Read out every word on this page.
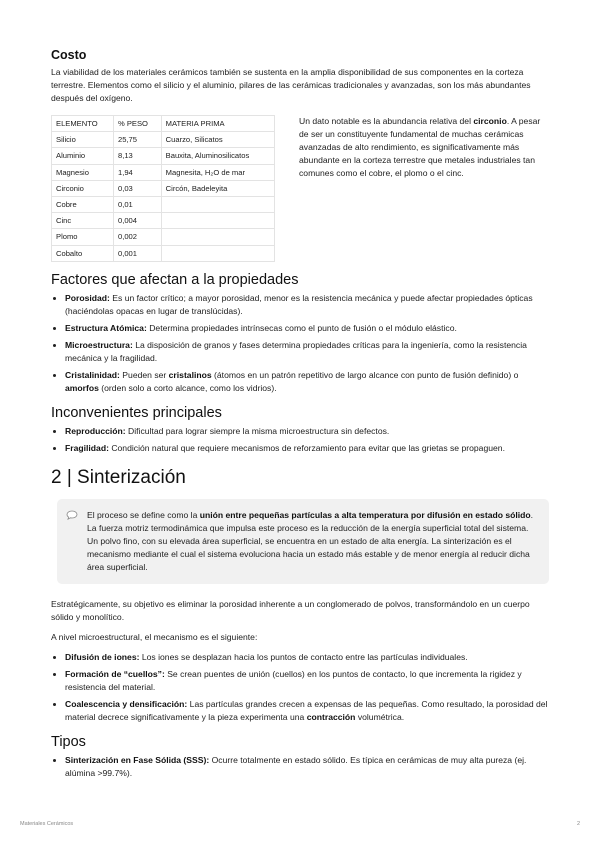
Costo

La viabilidad de los materiales cerámicos también se sustenta en la amplia disponibilidad de sus componentes en la corteza terrestre. Elementos como el silicio y el aluminio, pilares de las cerámicas tradicionales y avanzadas, son los más abundantes después del oxígeno.

ELEMENTO	% PESO	MATERIA PRIMA
Silicio	25,75	Cuarzo, Silicatos
Aluminio	8,13	Bauxita, Aluminosilicatos
Magnesio	1,94	Magnesita, H₂O de mar
Circonio	0,03	Circón, Badeleyita
Cobre	0,01	
Cinc	0,004	
Plomo	0,002	
Cobalto	0,001	
Un dato notable es la abundancia relativa del circonio. A pesar de ser un constituyente fundamental de muchas cerámicas avanzadas de alto rendimiento, es significativamente más abundante en la corteza terrestre que metales industriales tan comunes como el cobre, el plomo o el cinc.
Factores que afectan a la propiedades
• Porosidad: Es un factor crítico; a mayor porosidad, menor es la resistencia mecánica y puede afectar propiedades ópticas (haciéndolas opacas en lugar de translúcidas).
• Estructura Atómica: Determina propiedades intrínsecas como el punto de fusión o el módulo elástico.
• Microestructura: La disposición de granos y fases determina propiedades críticas para la ingeniería, como la resistencia mecánica y la fragilidad.
• Cristalinidad: Pueden ser cristalinos (átomos en un patrón repetitivo de largo alcance con punto de fusión definido) o amorfos (orden solo a corto alcance, como los vidrios).
Inconvenientes principales
• Reproducción: Dificultad para lograr siempre la misma microestructura sin defectos.
• Fragilidad: Condición natural que requiere mecanismos de reforzamiento para evitar que las grietas se propaguen.
2 | Sinterización

El proceso se define como la unión entre pequeñas partículas a alta temperatura por difusión en estado sólido. La fuerza motriz termodinámica que impulsa este proceso es la reducción de la energía superficial total del sistema. Un polvo fino, con su elevada área superficial, se encuentra en un estado de alta energía. La sinterización es el mecanismo mediante el cual el sistema evoluciona hacia un estado más estable y de menor energía al reducir dicha área superficial.

Estratégicamente, su objetivo es eliminar la porosidad inherente a un conglomerado de polvos, transformándolo en un cuerpo sólido y monolítico.

A nivel microestructural, el mecanismo es el siguiente:

• Difusión de iones: Los iones se desplazan hacia los puntos de contacto entre las partículas individuales.
• Formación de “cuellos”: Se crean puentes de unión (cuellos) en los puntos de contacto, lo que incrementa la rigidez y resistencia del material.
• Coalescencia y densificación: Las partículas grandes crecen a expensas de las pequeñas. Como resultado, la porosidad del material decrece significativamente y la pieza experimenta una contracción volumétrica.
Tipos
• Sinterización en Fase Sólida (SSS): Ocurre totalmente en estado sólido. Es típica en cerámicas de muy alta pureza (ej. alúmina >99.7%).
Materiales Cerámicos	2
